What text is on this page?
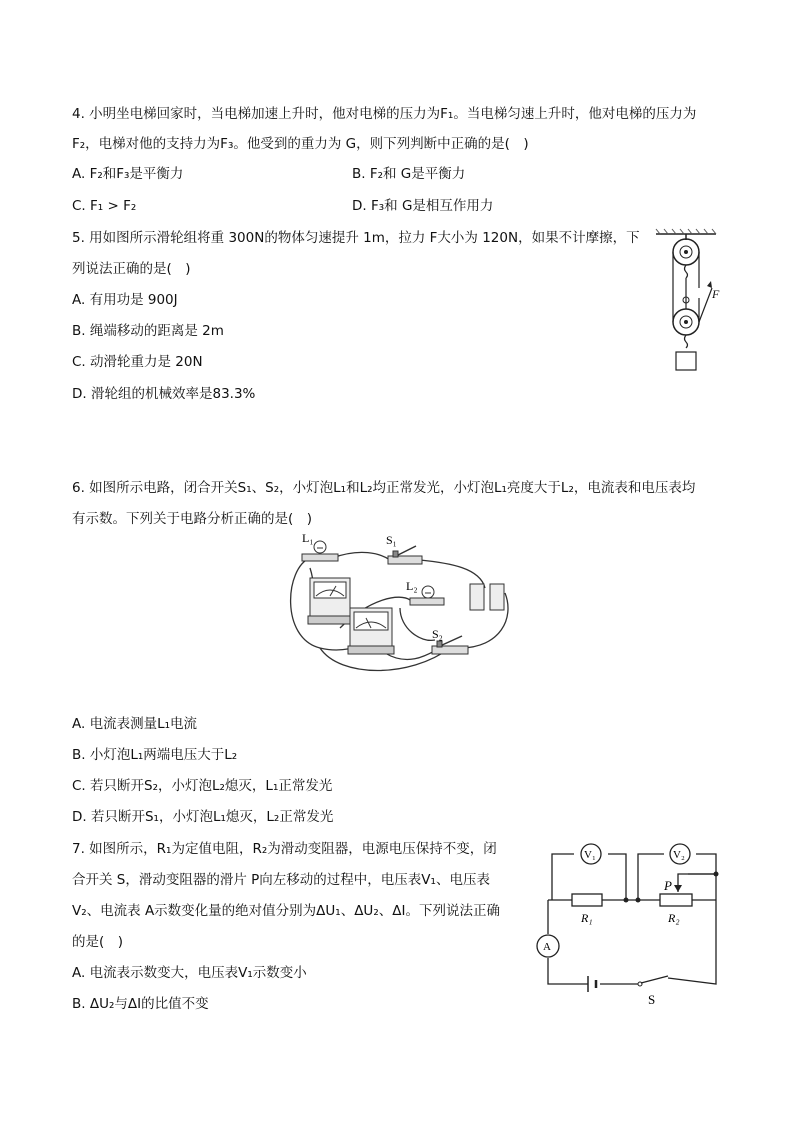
4. 小明坐电梯回家时，当电梯加速上升时，他对电梯的压力为F₁。当电梯匀速上升时，他对电梯的压力为
F₂，电梯对他的支持力为F₃。他受到的重力为 G，则下列判断中正确的是(　)
A. F₂和F₃是平衡力	B. F₂和 G是平衡力
C. F₁ > F₂	D. F₃和 G是相互作用力
5. 用如图所示滑轮组将重 300N的物体匀速提升 1m，拉力 F大小为 120N，如果不计摩擦，下
列说法正确的是(　)
A. 有用功是 900J
B. 绳端移动的距离是 2m
C. 动滑轮重力是 20N
D. 滑轮组的机械效率是83.3%
F
6. 如图所示电路，闭合开关S₁、S₂，小灯泡L₁和L₂均正常发光，小灯泡L₁亮度大于L₂，电流表和电压表均
有示数。下列关于电路分析正确的是(　)
L₁	S₁
L₂
S₂
A. 电流表测量L₁电流
B. 小灯泡L₁两端电压大于L₂
C. 若只断开S₂，小灯泡L₂熄灭，L₁正常发光
D. 若只断开S₁，小灯泡L₁熄灭，L₂正常发光
7. 如图所示，R₁为定值电阻，R₂为滑动变阻器，电源电压保持不变，闭
合开关 S，滑动变阻器的滑片 P向左移动的过程中，电压表V₁、电压表
V₂、电流表 A示数变化量的绝对值分别为ΔU₁、ΔU₂、ΔI。下列说法正确
的是(　)
A. 电流表示数变大，电压表V₁示数变小
B. ΔU₂与ΔI的比值不变
V₁	V₂
A
R₁	R₂
P
S
